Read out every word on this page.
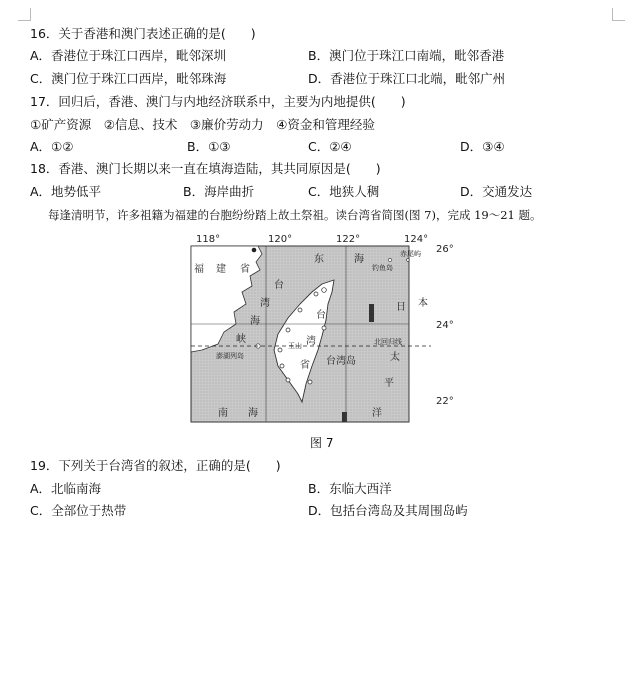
16．关于香港和澳门表述正确的是(　　)
A．香港位于珠江口西岸，毗邻深圳	B．澳门位于珠江口南端，毗邻香港
C．澳门位于珠江口西岸，毗邻珠海	D．香港位于珠江口北端，毗邻广州
17．回归后，香港、澳门与内地经济联系中，主要为内地提供(　　)
①矿产资源　②信息、技术　③廉价劳动力　④资金和管理经验
A．①②	B．①③	C．②④	D．③④
18．香港、澳门长期以来一直在填海造陆，其共同原因是(　　)
A．地势低平	B．海岸曲折	C．地狭人稠	D．交通发达
每逢清明节，许多祖籍为福建的台胞纷纷踏上故土祭祖。读台湾省简图(图 7)，完成 19～21 题。
118°	120°	122°	124°
26°
24°
22°
福 建 省
东	海
钓鱼岛
赤尾屿
台
湾
海
峡
澎湖列岛
台
湾
省
玉山
台湾岛
北回归线
日 本
太
平
洋
南 海
图 7
19．下列关于台湾省的叙述，正确的是(　　)
A．北临南海	B．东临大西洋
C．全部位于热带	D．包括台湾岛及其周围岛屿
